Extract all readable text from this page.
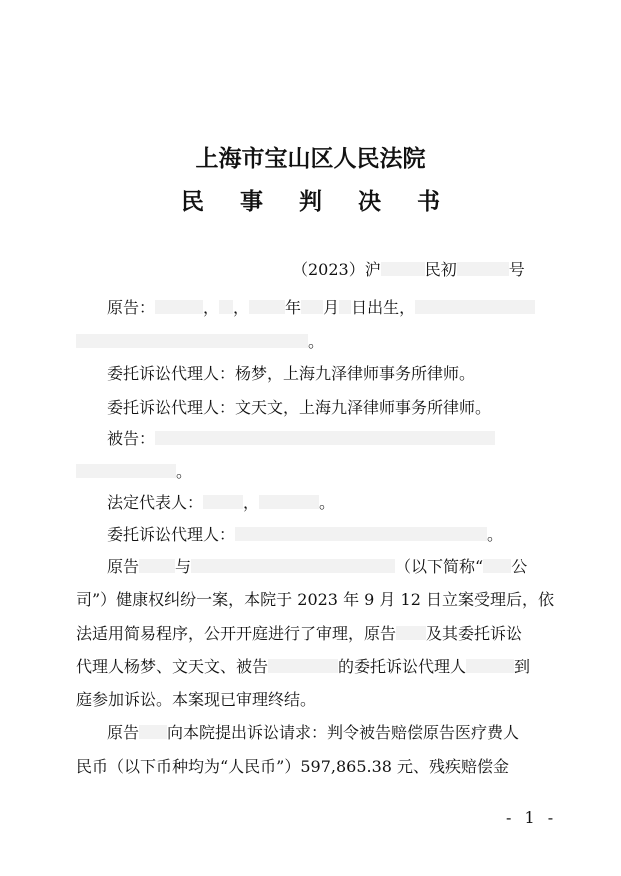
上海市宝山区人民法院
民 事 判 决 书
（2023）沪	民初	号
原告：	， ， 年 月 日出生，
。
委托诉讼代理人：杨梦，上海九泽律师事务所律师。
委托诉讼代理人：文天文，上海九泽律师事务所律师。
被告：
。
法定代表人：	，	。
委托诉讼代理人：	。
原告 与	（以下简称“ 公
司”）健康权纠纷一案，本院于 2023 年 9 月 12 日立案受理后，依
法适用简易程序，公开开庭进行了审理，原告 及其委托诉讼
代理人杨梦、文天文、被告	的委托诉讼代理人	到
庭参加诉讼。本案现已审理终结。
原告 向本院提出诉讼请求：判令被告赔偿原告医疗费人
民币（以下币种均为“人民币”）597,865.38 元、残疾赔偿金
- 1 -
